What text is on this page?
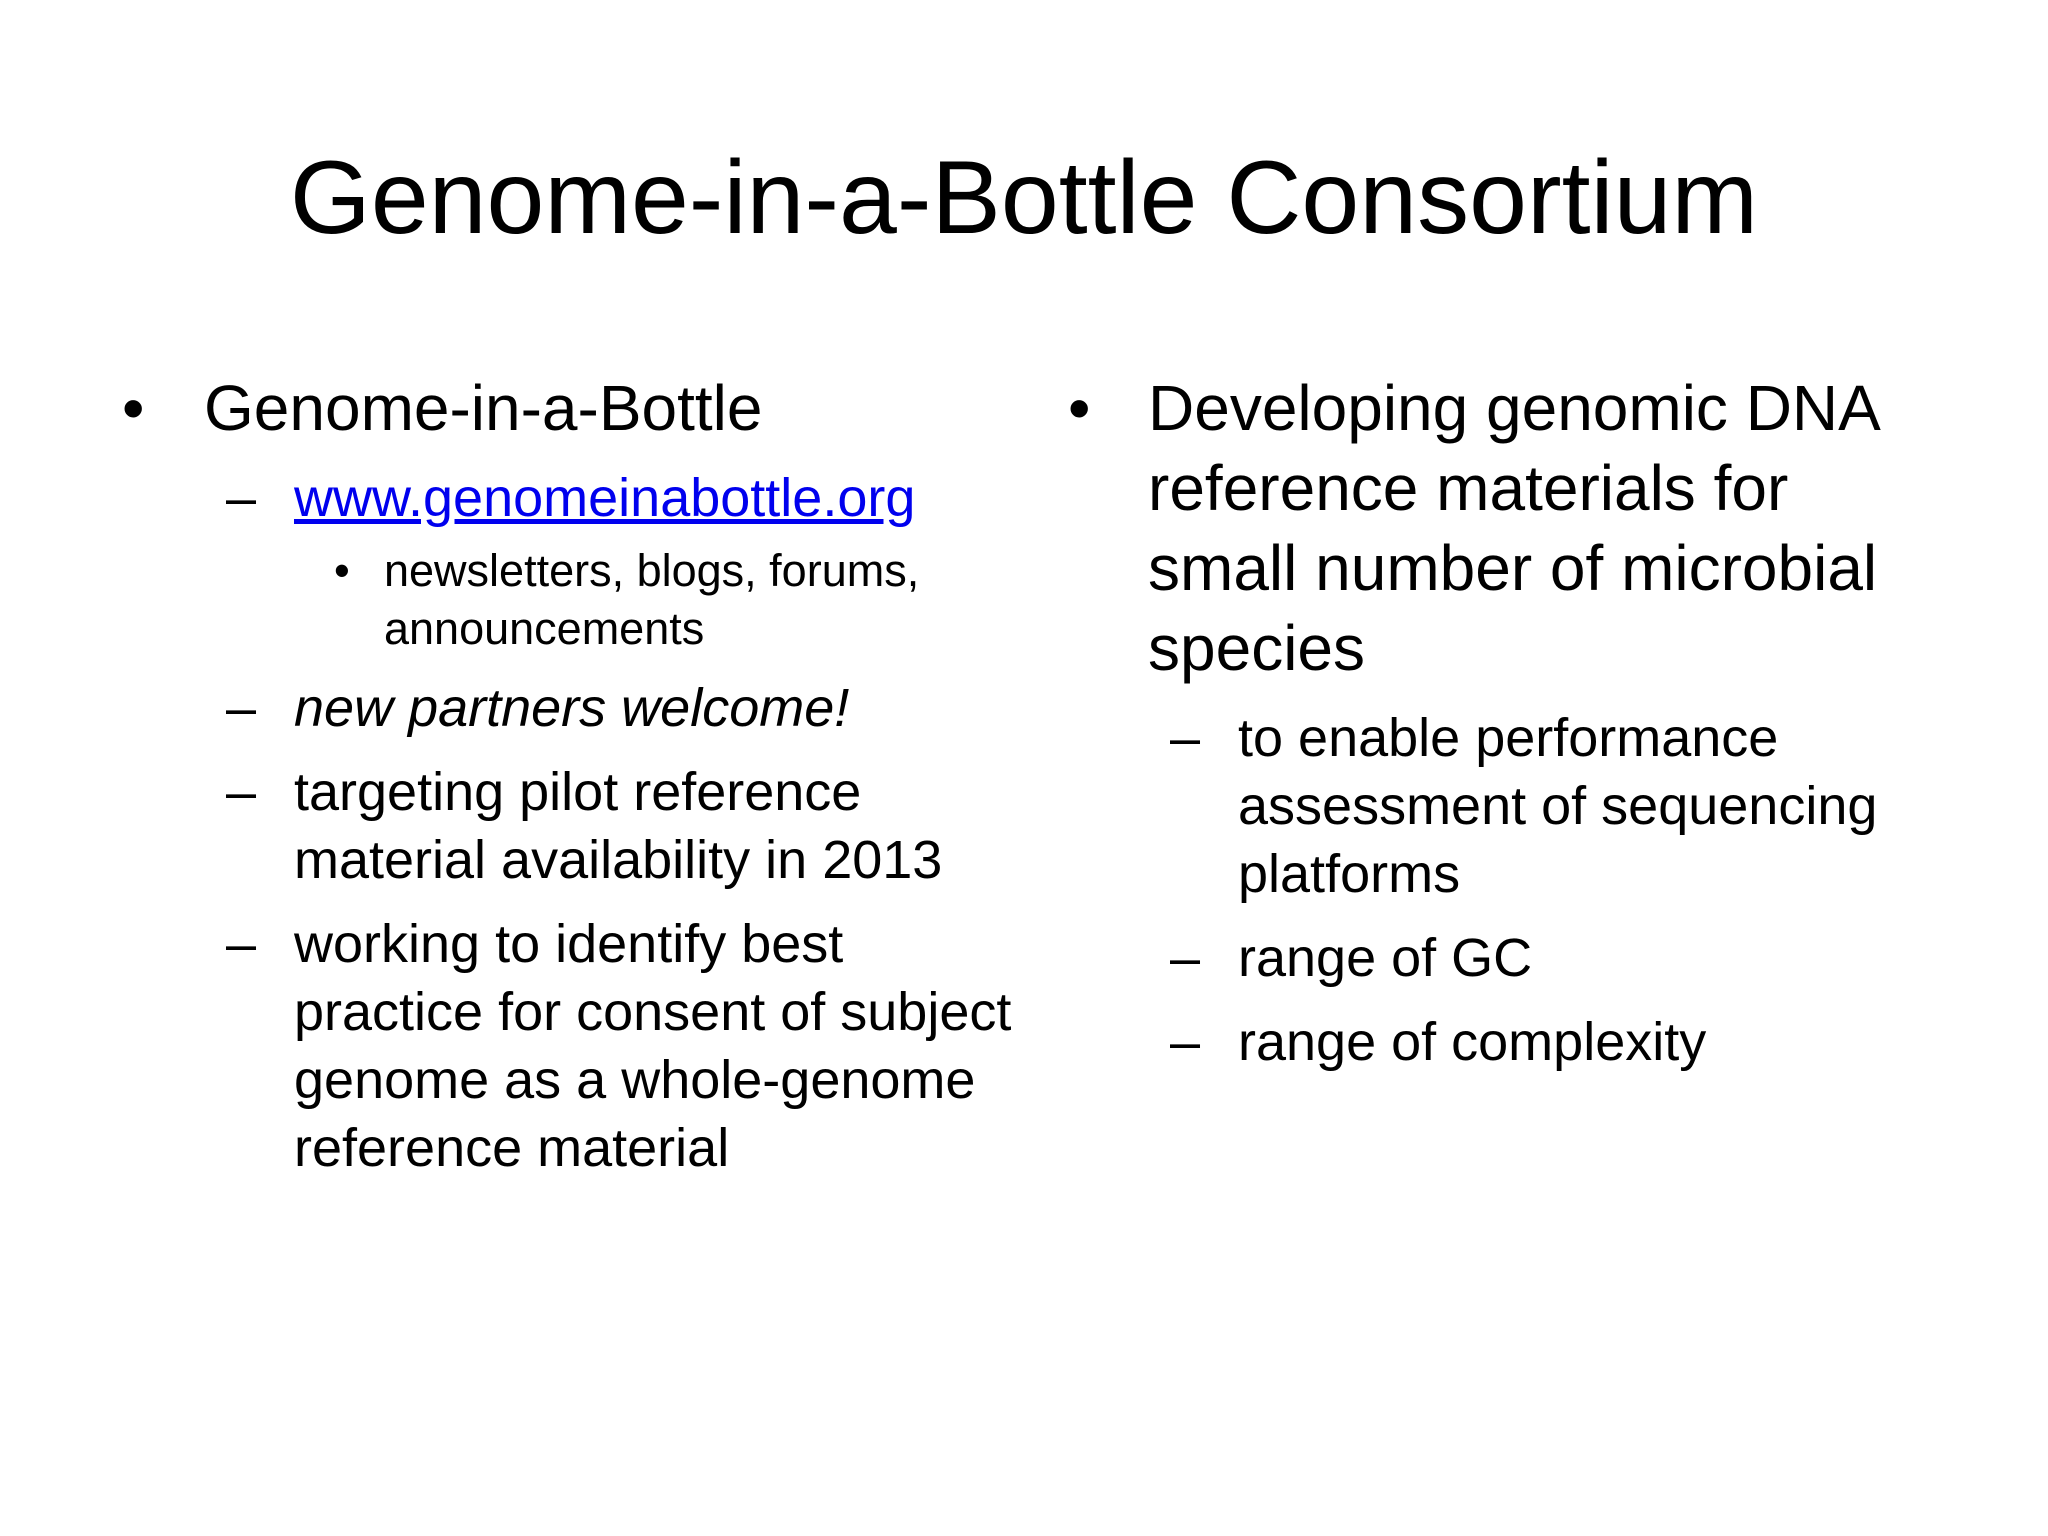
Genome-in-a-Bottle Consortium
• Genome-in-a-Bottle
– www.genomeinabottle.org
• newsletters, blogs, forums, announcements
– new partners welcome!
– targeting pilot reference material availability in 2013
– working to identify best practice for consent of subject genome as a whole-genome reference material
• Developing genomic DNA reference materials for small number of microbial species
– to enable performance assessment of sequencing platforms
– range of GC
– range of complexity
